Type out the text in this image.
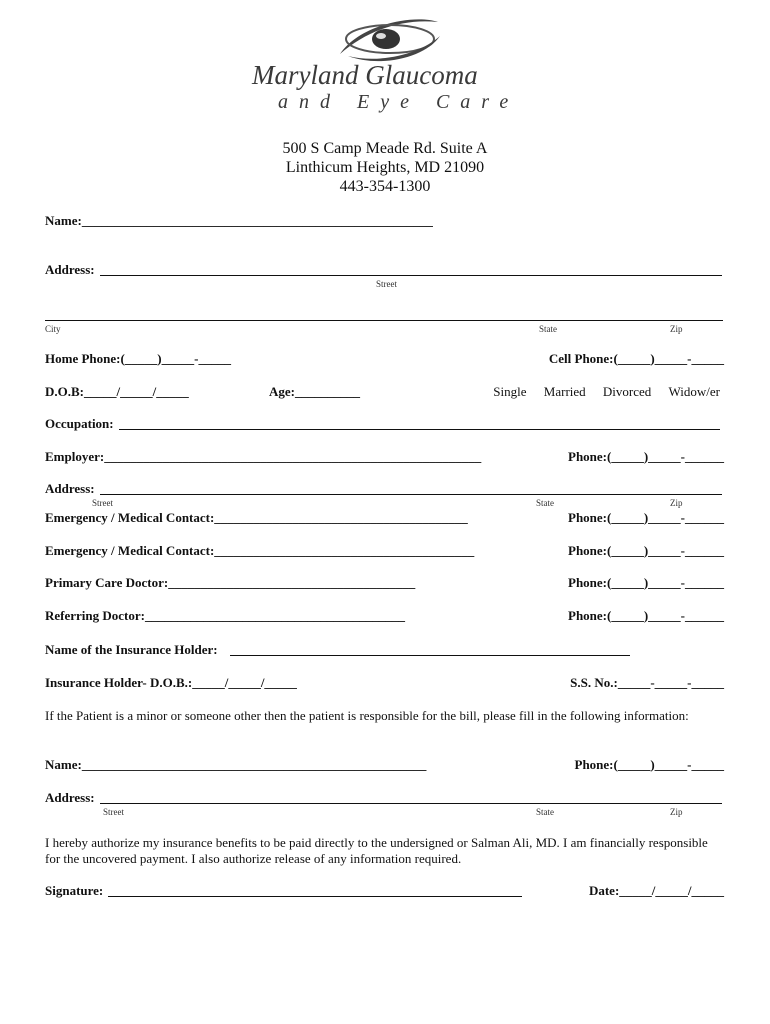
Maryland Glaucoma
and Eye Care
500 S Camp Meade Rd. Suite A
Linthicum Heights, MD 21090
443-354-1300
Name:______________________________________________________
Address:
Street
City	State	Zip
Home Phone:(_____)_____-_____	Cell Phone:(_____)_____-_____
D.O.B:_____/_____/_____	Age:__________	Single Married Divorced Widow/er
Occupation:
Employer:__________________________________________________________	Phone:(_____)_____-______
Address:
Street	State	Zip
Emergency / Medical Contact:_______________________________________	Phone:(_____)_____-______
Emergency / Medical Contact:________________________________________	Phone:(_____)_____-______
Primary Care Doctor:______________________________________	Phone:(_____)_____-______
Referring Doctor:________________________________________	Phone:(_____)_____-______
Name of the Insurance Holder:
Insurance Holder- D.O.B.:_____/_____/_____	S.S. No.:_____-_____-_____
If the Patient is a minor or someone other then the patient is responsible for the bill, please fill in the following information:
Name:_____________________________________________________	Phone:(_____)_____-_____
Address:
Street	State	Zip
I hereby authorize my insurance benefits to be paid directly to the undersigned or Salman Ali, MD. I am financially responsible for the uncovered payment. I also authorize release of any information required.
Signature:	Date:_____/_____/_____
